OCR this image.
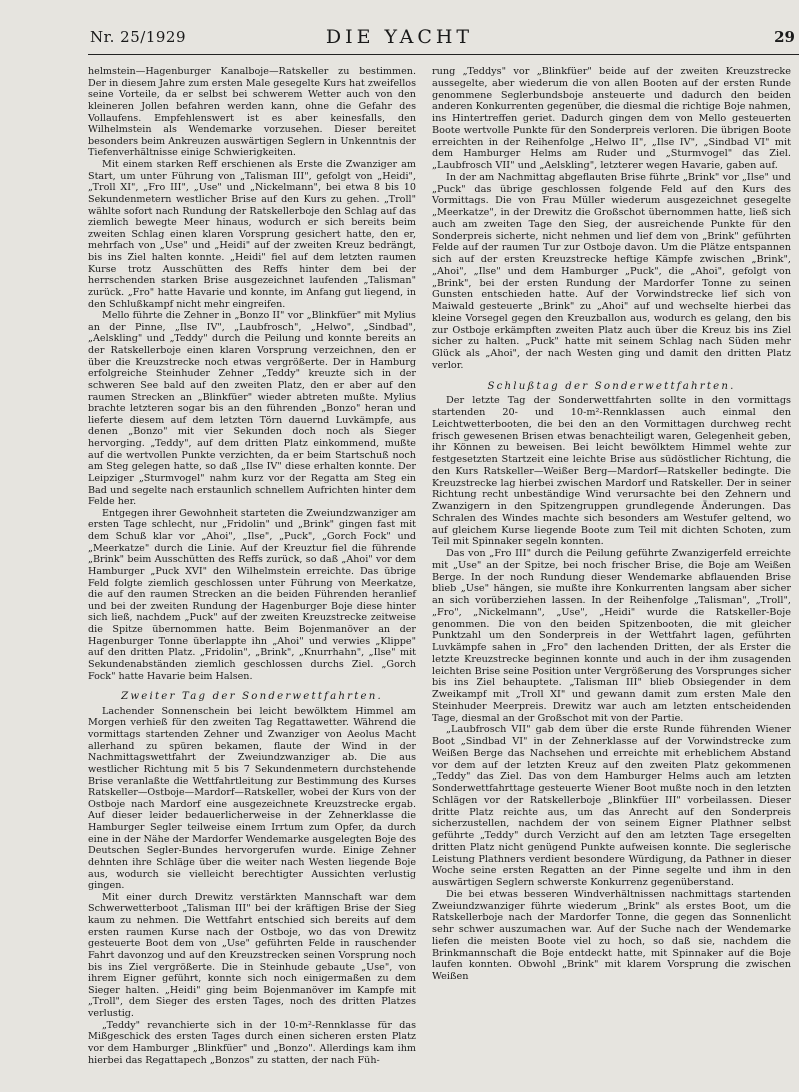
Nr. 25/1929	DIE YACHT	29

helmstein—Hagenburger Kanalboje—Ratskeller zu bestimmen. Der in diesem Jahre zum ersten Male gesegelte Kurs hat zweifellos seine Vorteile, da er selbst bei schwerem Wetter auch von den kleineren Jollen befahren werden kann, ohne die Gefahr des Vollaufens. Empfehlenswert ist es aber keinesfalls, den Wilhelmstein als Wendemarke vorzusehen. Dieser bereitet besonders beim Ankreuzen auswärtigen Seglern in Unkenntnis der Tiefenverhältnisse einige Schwierigkeiten.

Mit einem starken Reff erschienen als Erste die Zwanziger am Start, um unter Führung von „Talisman III", gefolgt von „Heidi", „Troll XI", „Fro III", „Use" und „Nickelmann", bei etwa 8 bis 10 Sekundenmetern westlicher Brise auf den Kurs zu gehen. „Troll" wählte sofort nach Rundung der Ratskellerboje den Schlag auf das ziemlich bewegte Meer hinaus, wodurch er sich bereits beim zweiten Schlag einen klaren Vorsprung gesichert hatte, den er, mehrfach von „Use" und „Heidi" auf der zweiten Kreuz bedrängt, bis ins Ziel halten konnte. „Heidi" fiel auf dem letzten raumen Kurse trotz Ausschütten des Reffs hinter dem bei der herrschenden starken Brise ausgezeichnet laufenden „Talisman" zurück. „Fro" hatte Havarie und konnte, im Anfang gut liegend, in den Schlußkampf nicht mehr eingreifen.

Mello führte die Zehner in „Bonzo II" vor „Blinkfüer" mit Mylius an der Pinne, „Ilse IV", „Laubfrosch", „Helwo", „Sindbad", „Aelskling" und „Teddy" durch die Peilung und konnte bereits an der Ratskellerboje einen klaren Vorsprung verzeichnen, den er über die Kreuzstrecke noch etwas vergrößerte. Der in Hamburg erfolgreiche Steinhuder Zehner „Teddy" kreuzte sich in der schweren See bald auf den zweiten Platz, den er aber auf den raumen Strecken an „Blinkfüer" wieder abtreten mußte. Mylius brachte letzteren sogar bis an den führenden „Bonzo" heran und lieferte diesem auf dem letzten Törn dauernd Luvkämpfe, aus denen „Bonzo" mit vier Sekunden doch noch als Sieger hervorging. „Teddy", auf dem dritten Platz einkommend, mußte auf die wertvollen Punkte verzichten, da er beim Startschuß noch am Steg gelegen hatte, so daß „Ilse IV" diese erhalten konnte. Der Leipziger „Sturmvogel" nahm kurz vor der Regatta am Steg ein Bad und segelte nach erstaunlich schnellem Aufrichten hinter dem Felde her.

Entgegen ihrer Gewohnheit starteten die Zweiundzwanziger am ersten Tage schlecht, nur „Fridolin" und „Brink" gingen fast mit dem Schuß klar vor „Ahoi", „Ilse", „Puck", „Gorch Fock" und „Meerkatze" durch die Linie. Auf der Kreuztur fiel die führende „Brink" beim Ausschütten des Reffs zurück, so daß „Ahoi" vor dem Hamburger „Puck XVI" den Wilhelmstein erreichte. Das übrige Feld folgte ziemlich geschlossen unter Führung von Meerkatze, die auf den raumen Strecken an die beiden Führenden heranlief und bei der zweiten Rundung der Hagenburger Boje diese hinter sich ließ, nachdem „Puck" auf der zweiten Kreuzstrecke zeitweise die Spitze übernommen hatte. Beim Bojenmanöver an der Hagenburger Tonne überlappte ihn „Ahoi" und verwies „Klippe" auf den dritten Platz. „Fridolin", „Brink", „Knurrhahn", „Ilse" mit Sekundenabständen ziemlich geschlossen durchs Ziel. „Gorch Fock" hatte Havarie beim Halsen.

Zweiter Tag der Sonderwettfahrten.

Lachender Sonnenschein bei leicht bewölktem Himmel am Morgen verhieß für den zweiten Tag Regattawetter. Während die vormittags startenden Zehner und Zwanziger von Aeolus Macht allerhand zu spüren bekamen, flaute der Wind in der Nachmittagswettfahrt der Zweiundzwanziger ab. Die aus westlicher Richtung mit 5 bis 7 Sekundenmetern durchstehende Brise veranlaßte die Wettfahrtleitung zur Bestimmung des Kurses Ratskeller—Ostboje—Mardorf—Ratskeller, wobei der Kurs von der Ostboje nach Mardorf eine ausgezeichnete Kreuzstrecke ergab. Auf dieser leider bedauerlicherweise in der Zehnerklasse die Hamburger Segler teilweise einem Irrtum zum Opfer, da durch eine in der Nähe der Mardorfer Wendemarke ausgelegten Boje des Deutschen Segler-Bundes hervorgerufen wurde. Einige Zehner dehnten ihre Schläge über die weiter nach Westen liegende Boje aus, wodurch sie vielleicht berechtigter Aussichten verlustig gingen.

Mit einer durch Drewitz verstärkten Mannschaft war dem Schwerwetterboot „Talisman III" bei der kräftigen Brise der Sieg kaum zu nehmen. Die Wettfahrt entschied sich bereits auf dem ersten raumen Kurse nach der Ostboje, wo das von Drewitz gesteuerte Boot dem von „Use" geführten Felde in rauschender Fahrt davonzog und auf den Kreuzstrecken seinen Vorsprung noch bis ins Ziel vergrößerte. Die in Steinhude gebaute „Use", von ihrem Eigner geführt, konnte sich noch einigermaßen zu dem Sieger halten. „Heidi" ging beim Bojenmanöver im Kampfe mit „Troll", dem Sieger des ersten Tages, noch des dritten Platzes verlustig.

„Teddy" revanchierte sich in der 10-m²-Rennklasse für das Mißgeschick des ersten Tages durch einen sicheren ersten Platz vor dem Hamburger „Blinkfüer" und „Bonzo". Allerdings kam ihm hierbei das Regattapech „Bonzos" zu statten, der nach Füh-

rung „Teddys" vor „Blinkfüer" beide auf der zweiten Kreuzstrecke aussegelte, aber wiederum die von allen Booten auf der ersten Runde genommene Seglerbundsboje ansteuerte und dadurch den beiden anderen Konkurrenten gegenüber, die diesmal die richtige Boje nahmen, ins Hintertreffen geriet. Dadurch gingen dem von Mello gesteuerten Boote wertvolle Punkte für den Sonderpreis verloren. Die übrigen Boote erreichten in der Reihenfolge „Helwo II", „Ilse IV", „Sindbad VI" mit dem Hamburger Helms am Ruder und „Sturmvogel" das Ziel. „Laubfrosch VII" und „Aelskling", letzterer wegen Havarie, gaben auf.

In der am Nachmittag abgeflauten Brise führte „Brink" vor „Ilse" und „Puck" das übrige geschlossen folgende Feld auf den Kurs des Vormittags. Die von Frau Müller wiederum ausgezeichnet gesegelte „Meerkatze", in der Drewitz die Großschot übernommen hatte, ließ sich auch am zweiten Tage den Sieg, der ausreichende Punkte für den Sonderpreis sicherte, nicht nehmen und lief dem von „Brink" geführten Felde auf der raumen Tur zur Ostboje davon. Um die Plätze entspannen sich auf der ersten Kreuzstrecke heftige Kämpfe zwischen „Brink", „Ahoi", „Ilse" und dem Hamburger „Puck", die „Ahoi", gefolgt von „Brink", bei der ersten Rundung der Mardorfer Tonne zu seinen Gunsten entschieden hatte. Auf der Vorwindstrecke lief sich von Maiwald gesteuerte „Brink" zu „Ahoi" auf und wechselte hierbei das kleine Vorsegel gegen den Kreuzballon aus, wodurch es gelang, den bis zur Ostboje erkämpften zweiten Platz auch über die Kreuz bis ins Ziel sicher zu halten. „Puck" hatte mit seinem Schlag nach Süden mehr Glück als „Ahoi", der nach Westen ging und damit den dritten Platz verlor.

Schlußtag der Sonderwettfahrten.

Der letzte Tag der Sonderwettfahrten sollte in den vormittags startenden 20- und 10-m²-Rennklassen auch einmal den Leichtwetterbooten, die bei den an den Vormittagen durchweg recht frisch gewesenen Brisen etwas benachteiligt waren, Gelegenheit geben, ihr Können zu beweisen. Bei leicht bewölktem Himmel wehte zur festgesetzten Startzeit eine leichte Brise aus südöstlicher Richtung, die den Kurs Ratskeller—Weißer Berg—Mardorf—Ratskeller bedingte. Die Kreuzstrecke lag hierbei zwischen Mardorf und Ratskeller. Der in seiner Richtung recht unbeständige Wind verursachte bei den Zehnern und Zwanzigern in den Spitzengruppen grundlegende Änderungen. Das Schralen des Windes machte sich besonders am Westufer geltend, wo auf gleichem Kurse liegende Boote zum Teil mit dichten Schoten, zum Teil mit Spinnaker segeln konnten.

Das von „Fro III" durch die Peilung geführte Zwanzigerfeld erreichte mit „Use" an der Spitze, bei noch frischer Brise, die Boje am Weißen Berge. In der noch Rundung dieser Wendemarke abflauenden Brise blieb „Use" hängen, sie mußte ihre Konkurrenten langsam aber sicher an sich vorüberziehen lassen. In der Reihenfolge „Talisman", „Troll", „Fro", „Nickelmann", „Use", „Heidi" wurde die Ratskeller-Boje genommen. Die von den beiden Spitzenbooten, die mit gleicher Punktzahl um den Sonderpreis in der Wettfahrt lagen, geführten Luvkämpfe sahen in „Fro" den lachenden Dritten, der als Erster die letzte Kreuzstrecke beginnen konnte und auch in der ihm zusagenden leichten Brise seine Position unter Vergrößerung des Vorsprunges sicher bis ins Ziel behauptete. „Talisman III" blieb Obsiegender in dem Zweikampf mit „Troll XI" und gewann damit zum ersten Male den Steinhuder Meerpreis. Drewitz war auch am letzten entscheidenden Tage, diesmal an der Großschot mit von der Partie.

„Laubfrosch VII" gab dem über die erste Runde führenden Wiener Boot „Sindbad VI" in der Zehnerklasse auf der Vorwindstrecke zum Weißen Berge das Nachsehen und erreichte mit erheblichem Abstand vor dem auf der letzten Kreuz auf den zweiten Platz gekommenen „Teddy" das Ziel. Das von dem Hamburger Helms auch am letzten Sonderwettfahrttage gesteuerte Wiener Boot mußte noch in den letzten Schlägen vor der Ratskellerboje „Blinkfüer III" vorbeilassen. Dieser dritte Platz reichte aus, um das Anrecht auf den Sonderpreis sicherzustellen, nachdem der von seinem Eigner Plathner selbst geführte „Teddy" durch Verzicht auf den am letzten Tage ersegelten dritten Platz nicht genügend Punkte aufweisen konnte. Die seglerische Leistung Plathners verdient besondere Würdigung, da Pathner in dieser Woche seine ersten Regatten an der Pinne segelte und ihm in den auswärtigen Seglern schwerste Konkurrenz gegenüberstand.

Die bei etwas besseren Windverhältnissen nachmittags startenden Zweiundzwanziger führte wiederum „Brink" als erstes Boot, um die Ratskellerboje nach der Mardorfer Tonne, die gegen das Sonnenlicht sehr schwer auszumachen war. Auf der Suche nach der Wendemarke liefen die meisten Boote viel zu hoch, so daß sie, nachdem die Brinkmannschaft die Boje entdeckt hatte, mit Spinnaker auf die Boje laufen konnten. Obwohl „Brink" mit klarem Vorsprung die zwischen Weißen
